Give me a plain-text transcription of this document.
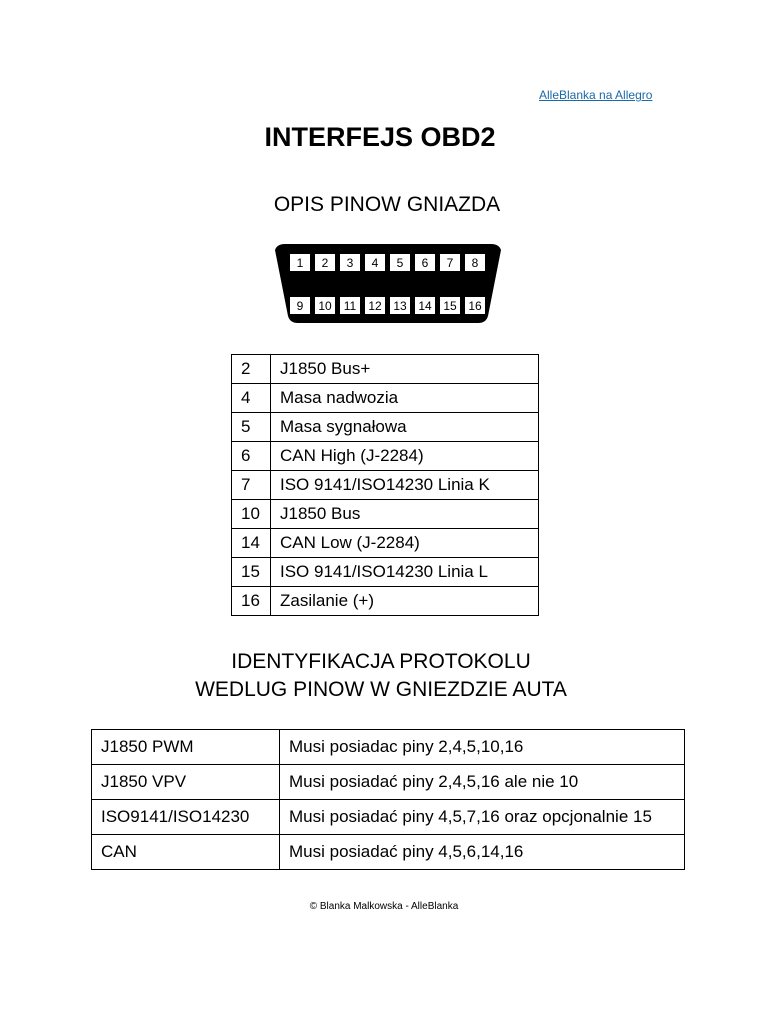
AlleBlanka na Allegro
INTERFEJS OBD2
OPIS PINOW GNIAZDA
1 2 3 4 5 6 7 8
9 10 11 12 13 14 15 16
2	J1850 Bus+
4	Masa nadwozia
5	Masa sygnałowa
6	CAN High (J-2284)
7	ISO 9141/ISO14230 Linia K
10	J1850 Bus
14	CAN Low (J-2284)
15	ISO 9141/ISO14230 Linia L
16	Zasilanie (+)
IDENTYFIKACJA PROTOKOLU
WEDLUG PINOW W GNIEZDZIE AUTA
J1850 PWM	Musi posiadac piny 2,4,5,10,16
J1850 VPV	Musi posiadać piny 2,4,5,16 ale nie 10
ISO9141/ISO14230	Musi posiadać piny 4,5,7,16 oraz opcjonalnie 15
CAN	Musi posiadać piny 4,5,6,14,16
© Blanka Malkowska - AlleBlanka
